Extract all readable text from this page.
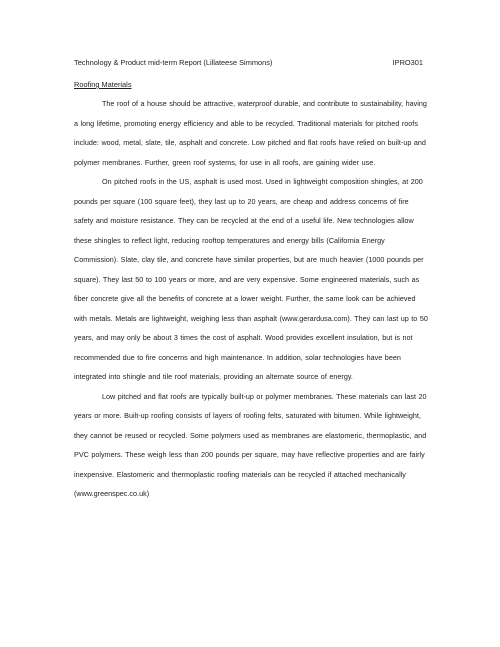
Technology & Product mid-term Report (Lillateese Simmons)	IPRO301
Roofing Materials

The roof of a house should be attractive, waterproof durable, and contribute to sustainability, having a long lifetime, promoting energy efficiency and able to be recycled. Traditional materials for pitched roofs include: wood, metal, slate, tile, asphalt and concrete. Low pitched and flat roofs have relied on built-up and polymer membranes. Further, green roof systems, for use in all roofs, are gaining wider use.

On pitched roofs in the US, asphalt is used most. Used in lightweight composition shingles, at 200 pounds per square (100 square feet), they last up to 20 years, are cheap and address concerns of fire safety and moisture resistance. They can be recycled at the end of a useful life. New technologies allow these shingles to reflect light, reducing rooftop temperatures and energy bills (California Energy Commission). Slate, clay tile, and concrete have similar properties, but are much heavier (1000 pounds per square). They last 50 to 100 years or more, and are very expensive. Some engineered materials, such as fiber concrete give all the benefits of concrete at a lower weight. Further, the same look can be achieved with metals. Metals are lightweight, weighing less than asphalt (www.gerardusa.com). They can last up to 50 years, and may only be about 3 times the cost of asphalt. Wood provides excellent insulation, but is not recommended due to fire concerns and high maintenance. In addition, solar technologies have been integrated into shingle and tile roof materials, providing an alternate source of energy.

Low pitched and flat roofs are typically built-up or polymer membranes. These materials can last 20 years or more. Built-up roofing consists of layers of roofing felts, saturated with bitumen. While lightweight, they cannot be reused or recycled. Some polymers used as membranes are elastomeric, thermoplastic, and PVC polymers. These weigh less than 200 pounds per square, may have reflective properties and are fairly inexpensive. Elastomeric and thermoplastic roofing materials can be recycled if attached mechanically

(www.greenspec.co.uk)
